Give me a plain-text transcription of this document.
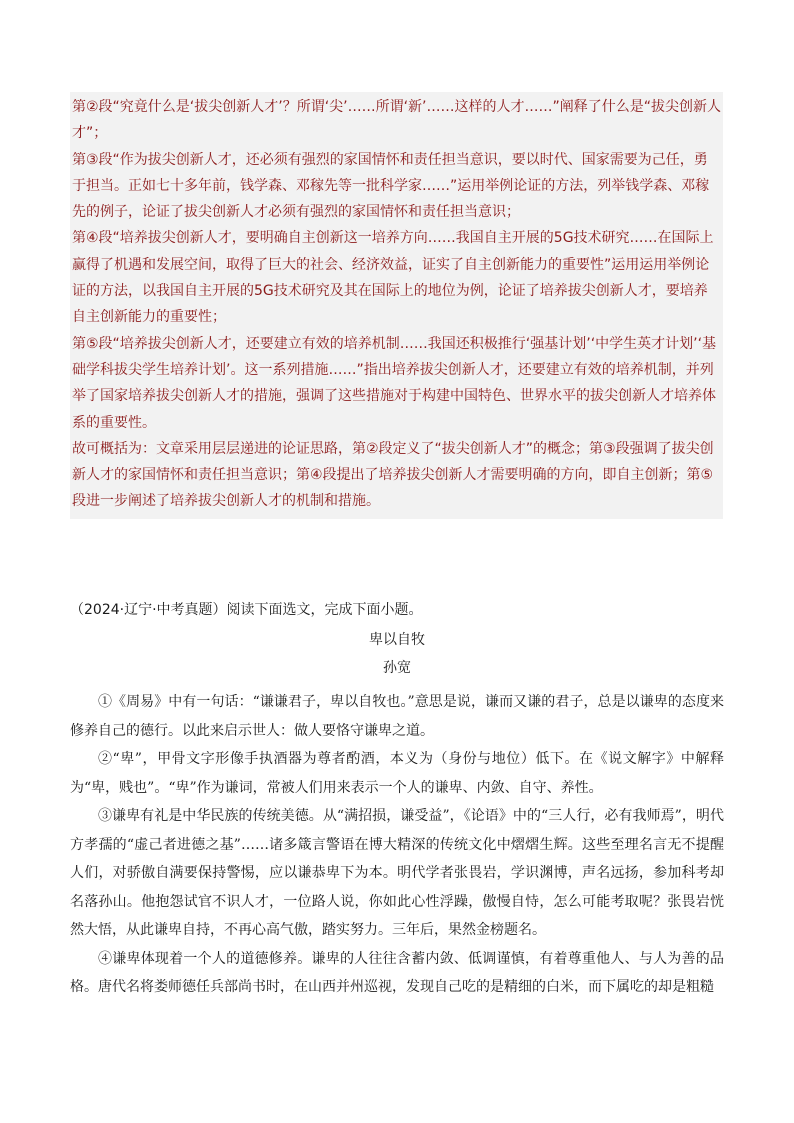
第②段“究竟什么是‘拔尖创新人才’？所谓‘尖’……所谓‘新’……这样的人才……”阐释了什么是“拔尖创新人才”；

第③段“作为拔尖创新人才，还必须有强烈的家国情怀和责任担当意识，要以时代、国家需要为己任，勇于担当。正如七十多年前，钱学森、邓稼先等一批科学家……”运用举例论证的方法，列举钱学森、邓稼先的例子，论证了拔尖创新人才必须有强烈的家国情怀和责任担当意识；

第④段“培养拔尖创新人才，要明确自主创新这一培养方向……我国自主开展的5G技术研究……在国际上赢得了机遇和发展空间，取得了巨大的社会、经济效益，证实了自主创新能力的重要性”运用运用举例论证的方法，以我国自主开展的5G技术研究及其在国际上的地位为例，论证了培养拔尖创新人才，要培养自主创新能力的重要性；

第⑤段“培养拔尖创新人才，还要建立有效的培养机制……我国还积极推行‘强基计划’‘中学生英才计划’‘基础学科拔尖学生培养计划’。这一系列措施……”指出培养拔尖创新人才，还要建立有效的培养机制，并列举了国家培养拔尖创新人才的措施，强调了这些措施对于构建中国特色、世界水平的拔尖创新人才培养体系的重要性。

故可概括为：文章采用层层递进的论证思路，第②段定义了“拔尖创新人才”的概念；第③段强调了拔尖创新人才的家国情怀和责任担当意识；第④段提出了培养拔尖创新人才需要明确的方向，即自主创新；第⑤段进一步阐述了培养拔尖创新人才的机制和措施。

（2024·辽宁·中考真题）阅读下面选文，完成下面小题。
卑以自牧
孙宽

①《周易》中有一句话：“谦谦君子，卑以自牧也。”意思是说，谦而又谦的君子，总是以谦卑的态度来修养自己的德行。以此来启示世人：做人要恪守谦卑之道。

②“卑”，甲骨文字形像手执酒器为尊者酌酒，本义为（身份与地位）低下。在《说文解字》中解释为“卑，贱也”。“卑”作为谦词，常被人们用来表示一个人的谦卑、内敛、自守、养性。

③谦卑有礼是中华民族的传统美德。从“满招损，谦受益”，《论语》中的“三人行，必有我师焉”，明代方孝孺的“虚己者进德之基”……诸多箴言警语在博大精深的传统文化中熠熠生辉。这些至理名言无不提醒人们，对骄傲自满要保持警惕，应以谦恭卑下为本。明代学者张畏岩，学识渊博，声名远扬，参加科考却名落孙山。他抱怨试官不识人才，一位路人说，你如此心性浮躁，傲慢自恃，怎么可能考取呢？张畏岩恍然大悟，从此谦卑自持，不再心高气傲，踏实努力。三年后，果然金榜题名。

④谦卑体现着一个人的道德修养。谦卑的人往往含蓄内敛、低调谨慎，有着尊重他人、与人为善的品格。唐代名将娄师德任兵部尚书时，在山西并州巡视，发现自己吃的是精细的白米，而下属吃的却是粗糙
